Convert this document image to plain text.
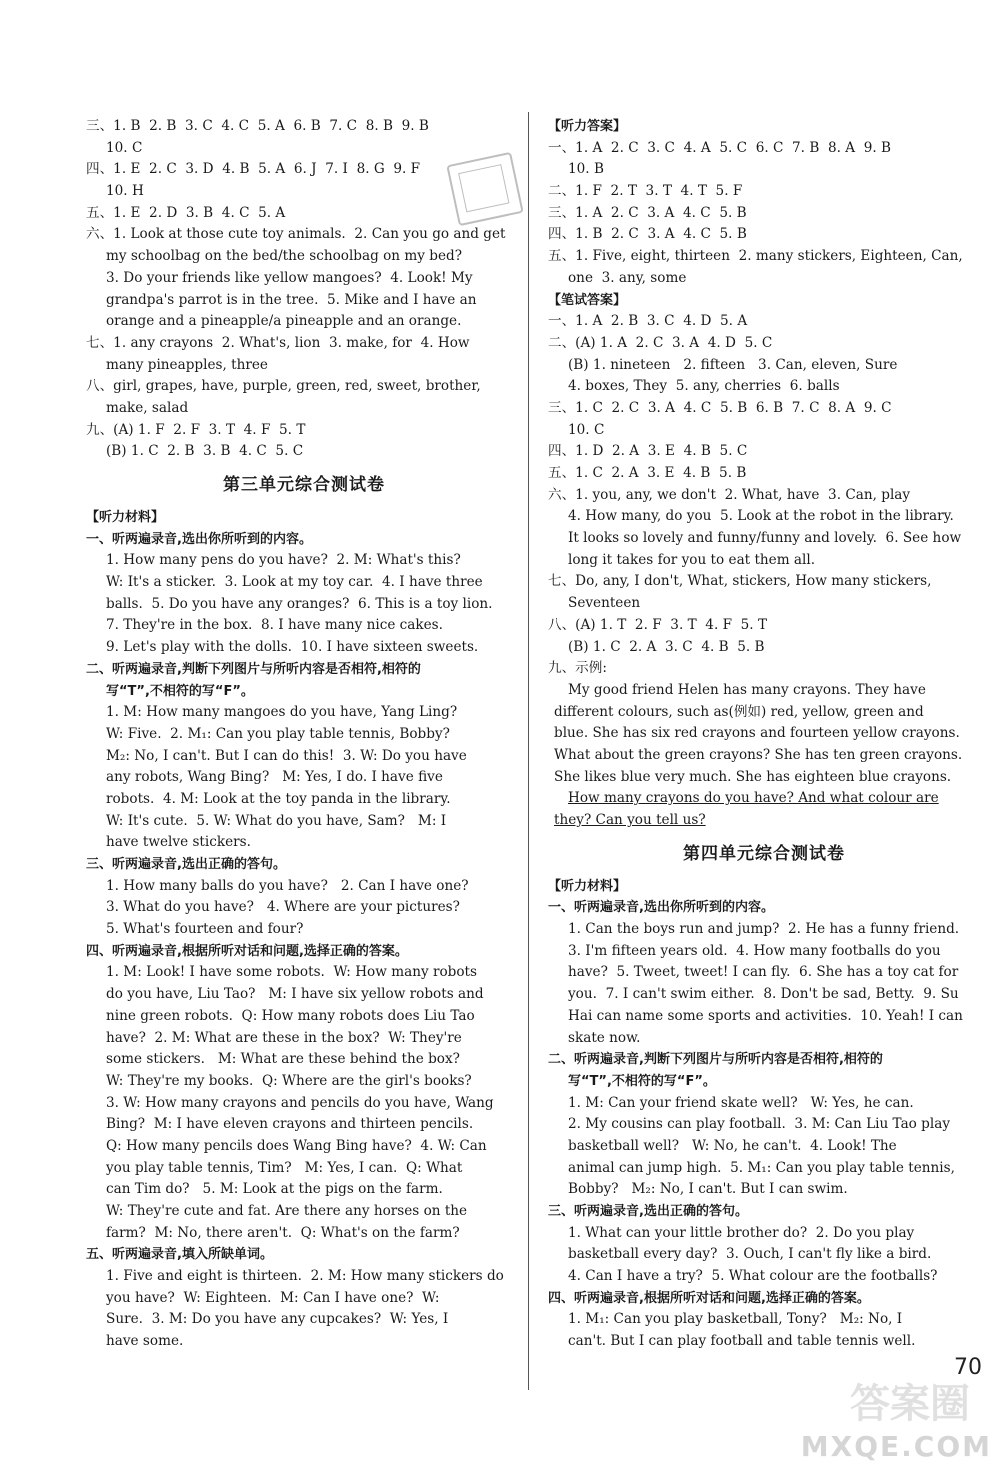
三、1. B  2. B  3. C  4. C  5. A  6. B  7. C  8. B  9. B
10. C
四、1. E  2. C  3. D  4. B  5. A  6. J  7. I  8. G  9. F
10. H
五、1. E  2. D  3. B  4. C  5. A
六、1. Look at those cute toy animals.  2. Can you go and get
my schoolbag on the bed/the schoolbag on my bed?
3. Do your friends like yellow mangoes?  4. Look! My
grandpa's parrot is in the tree.  5. Mike and I have an
orange and a pineapple/a pineapple and an orange.
七、1. any crayons  2. What's, lion  3. make, for  4. How
many pineapples, three
八、girl, grapes, have, purple, green, red, sweet, brother,
make, salad
九、(A) 1. F  2. F  3. T  4. F  5. T
(B) 1. C  2. B  3. B  4. C  5. C
第三单元综合测试卷
【听力材料】
一、听两遍录音,选出你所听到的内容。
1. How many pens do you have?  2. M: What's this?
W: It's a sticker.  3. Look at my toy car.  4. I have three
balls.  5. Do you have any oranges?  6. This is a toy lion.
7. They're in the box.  8. I have many nice cakes.
9. Let's play with the dolls.  10. I have sixteen sweets.
二、听两遍录音,判断下列图片与所听内容是否相符,相符的
写“T”,不相符的写“F”。
1. M: How many mangoes do you have, Yang Ling?
W: Five.  2. M₁: Can you play table tennis, Bobby?
M₂: No, I can't. But I can do this!  3. W: Do you have
any robots, Wang Bing?   M: Yes, I do. I have five
robots.  4. M: Look at the toy panda in the library.
W: It's cute.  5. W: What do you have, Sam?   M: I
have twelve stickers.
三、听两遍录音,选出正确的答句。
1. How many balls do you have?   2. Can I have one?
3. What do you have?   4. Where are your pictures?
5. What's fourteen and four?
四、听两遍录音,根据所听对话和问题,选择正确的答案。
1. M: Look! I have some robots.  W: How many robots
do you have, Liu Tao?   M: I have six yellow robots and
nine green robots.  Q: How many robots does Liu Tao
have?  2. M: What are these in the box?  W: They're
some stickers.   M: What are these behind the box?
W: They're my books.  Q: Where are the girl's books?
3. W: How many crayons and pencils do you have, Wang
Bing?  M: I have eleven crayons and thirteen pencils.
Q: How many pencils does Wang Bing have?  4. W: Can
you play table tennis, Tim?   M: Yes, I can.  Q: What
can Tim do?   5. M: Look at the pigs on the farm.
W: They're cute and fat. Are there any horses on the
farm?  M: No, there aren't.  Q: What's on the farm?
五、听两遍录音,填入所缺单词。
1. Five and eight is thirteen.  2. M: How many stickers do
you have?  W: Eighteen.  M: Can I have one?  W:
Sure.  3. M: Do you have any cupcakes?  W: Yes, I
have some.
【听力答案】
一、1. A  2. C  3. C  4. A  5. C  6. C  7. B  8. A  9. B
10. B
二、1. F  2. T  3. T  4. T  5. F
三、1. A  2. C  3. A  4. C  5. B
四、1. B  2. C  3. A  4. C  5. B
五、1. Five, eight, thirteen  2. many stickers, Eighteen, Can,
one  3. any, some
【笔试答案】
一、1. A  2. B  3. C  4. D  5. A
二、(A) 1. A  2. C  3. A  4. D  5. C
(B) 1. nineteen   2. fifteen   3. Can, eleven, Sure
4. boxes, They  5. any, cherries  6. balls
三、1. C  2. C  3. A  4. C  5. B  6. B  7. C  8. A  9. C
10. C
四、1. D  2. A  3. E  4. B  5. C
五、1. C  2. A  3. E  4. B  5. B
六、1. you, any, we don't  2. What, have  3. Can, play
4. How many, do you  5. Look at the robot in the library.
It looks so lovely and funny/funny and lovely.  6. See how
long it takes for you to eat them all.
七、Do, any, I don't, What, stickers, How many stickers,
Seventeen
八、(A) 1. T  2. F  3. T  4. F  5. T
(B) 1. C  2. A  3. C  4. B  5. B
九、示例:
My good friend Helen has many crayons. They have
different colours, such as(例如) red, yellow, green and
blue. She has six red crayons and fourteen yellow crayons.
What about the green crayons? She has ten green crayons.
She likes blue very much. She has eighteen blue crayons.
How many crayons do you have? And what colour are
they? Can you tell us?
第四单元综合测试卷
【听力材料】
一、听两遍录音,选出你所听到的内容。
1. Can the boys run and jump?  2. He has a funny friend.
3. I'm fifteen years old.  4. How many footballs do you
have?  5. Tweet, tweet! I can fly.  6. She has a toy cat for
you.  7. I can't swim either.  8. Don't be sad, Betty.  9. Su
Hai can name some sports and activities.  10. Yeah! I can
skate now.
二、听两遍录音,判断下列图片与所听内容是否相符,相符的
写“T”,不相符的写“F”。
1. M: Can your friend skate well?   W: Yes, he can.
2. My cousins can play football.  3. M: Can Liu Tao play
basketball well?   W: No, he can't.  4. Look! The
animal can jump high.  5. M₁: Can you play table tennis,
Bobby?   M₂: No, I can't. But I can swim.
三、听两遍录音,选出正确的答句。
1. What can your little brother do?  2. Do you play
basketball every day?  3. Ouch, I can't fly like a bird.
4. Can I have a try?  5. What colour are the footballs?
四、听两遍录音,根据所听对话和问题,选择正确的答案。
1. M₁: Can you play basketball, Tony?   M₂: No, I
can't. But I can play football and table tennis well.
70
答案圈
MXQE.COM
